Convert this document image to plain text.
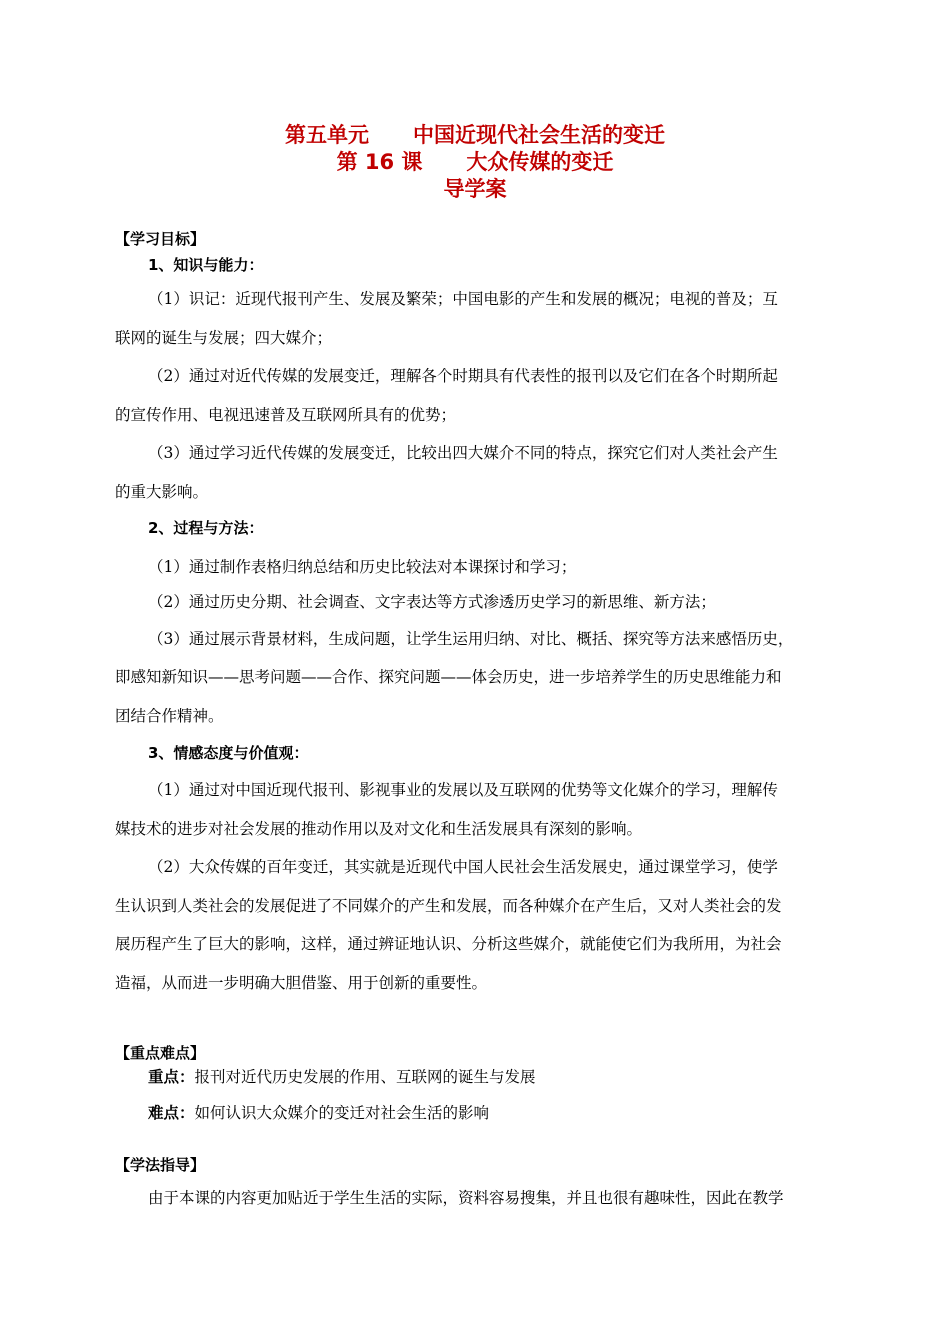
第五单元 中国近现代社会生活的变迁
第 16 课 大众传媒的变迁
导学案
【学习目标】
1、知识与能力：
（1）识记：近现代报刊产生、发展及繁荣；中国电影的产生和发展的概况；电视的普及；互
联网的诞生与发展；四大媒介；
（2）通过对近代传媒的发展变迁，理解各个时期具有代表性的报刊以及它们在各个时期所起
的宣传作用、电视迅速普及互联网所具有的优势；
（3）通过学习近代传媒的发展变迁，比较出四大媒介不同的特点，探究它们对人类社会产生
的重大影响。
2、过程与方法：
（1）通过制作表格归纳总结和历史比较法对本课探讨和学习；
（2）通过历史分期、社会调查、文字表达等方式渗透历史学习的新思维、新方法；
（3）通过展示背景材料，生成问题，让学生运用归纳、对比、概括、探究等方法来感悟历史，
即感知新知识——思考问题——合作、探究问题——体会历史，进一步培养学生的历史思维能力和
团结合作精神。
3、情感态度与价值观：
（1）通过对中国近现代报刊、影视事业的发展以及互联网的优势等文化媒介的学习，理解传
媒技术的进步对社会发展的推动作用以及对文化和生活发展具有深刻的影响。
（2）大众传媒的百年变迁，其实就是近现代中国人民社会生活发展史，通过课堂学习，使学
生认识到人类社会的发展促进了不同媒介的产生和发展，而各种媒介在产生后，又对人类社会的发
展历程产生了巨大的影响，这样，通过辨证地认识、分析这些媒介，就能使它们为我所用，为社会
造福，从而进一步明确大胆借鉴、用于创新的重要性。
【重点难点】
重点：报刊对近代历史发展的作用、互联网的诞生与发展
难点：如何认识大众媒介的变迁对社会生活的影响
【学法指导】
由于本课的内容更加贴近于学生生活的实际，资料容易搜集，并且也很有趣味性，因此在教学
